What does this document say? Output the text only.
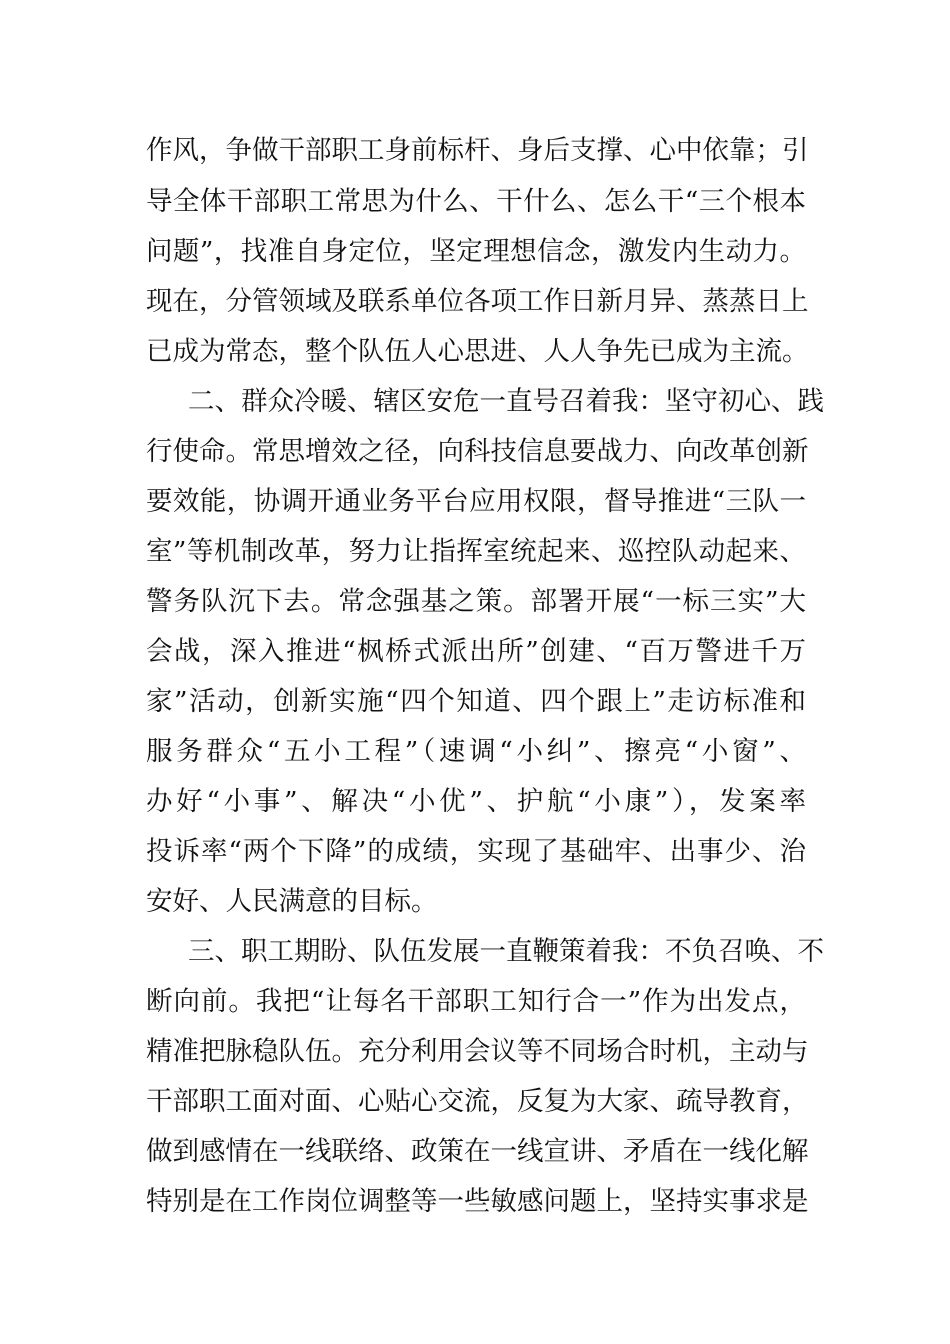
作风，争做干部职工身前标杆、身后支撑、心中依靠；引
导全体干部职工常思为什么、干什么、怎么干“三个根本
问题”，找准自身定位，坚定理想信念，激发内生动力。
现在，分管领域及联系单位各项工作日新月异、蒸蒸日上
已成为常态，整个队伍人心思进、人人争先已成为主流。
二、群众冷暖、辖区安危一直号召着我：坚守初心、践
行使命。常思增效之径，向科技信息要战力、向改革创新
要效能，协调开通业务平台应用权限，督导推进“三队一
室”等机制改革，努力让指挥室统起来、巡控队动起来、
警务队沉下去。常念强基之策。部署开展“一标三实”大
会战，深入推进“枫桥式派出所”创建、“百万警进千万
家”活动，创新实施“四个知道、四个跟上”走访标准和
服务群众“五小工程”（速调“小纠”、擦亮“小窗”、
办好“小事”、解决“小优”、护航“小康”），发案率
投诉率“两个下降”的成绩，实现了基础牢、出事少、治
安好、人民满意的目标。
三、职工期盼、队伍发展一直鞭策着我：不负召唤、不
断向前。我把“让每名干部职工知行合一”作为出发点，
精准把脉稳队伍。充分利用会议等不同场合时机，主动与
干部职工面对面、心贴心交流，反复为大家、疏导教育，
做到感情在一线联络、政策在一线宣讲、矛盾在一线化解
特别是在工作岗位调整等一些敏感问题上，坚持实事求是
